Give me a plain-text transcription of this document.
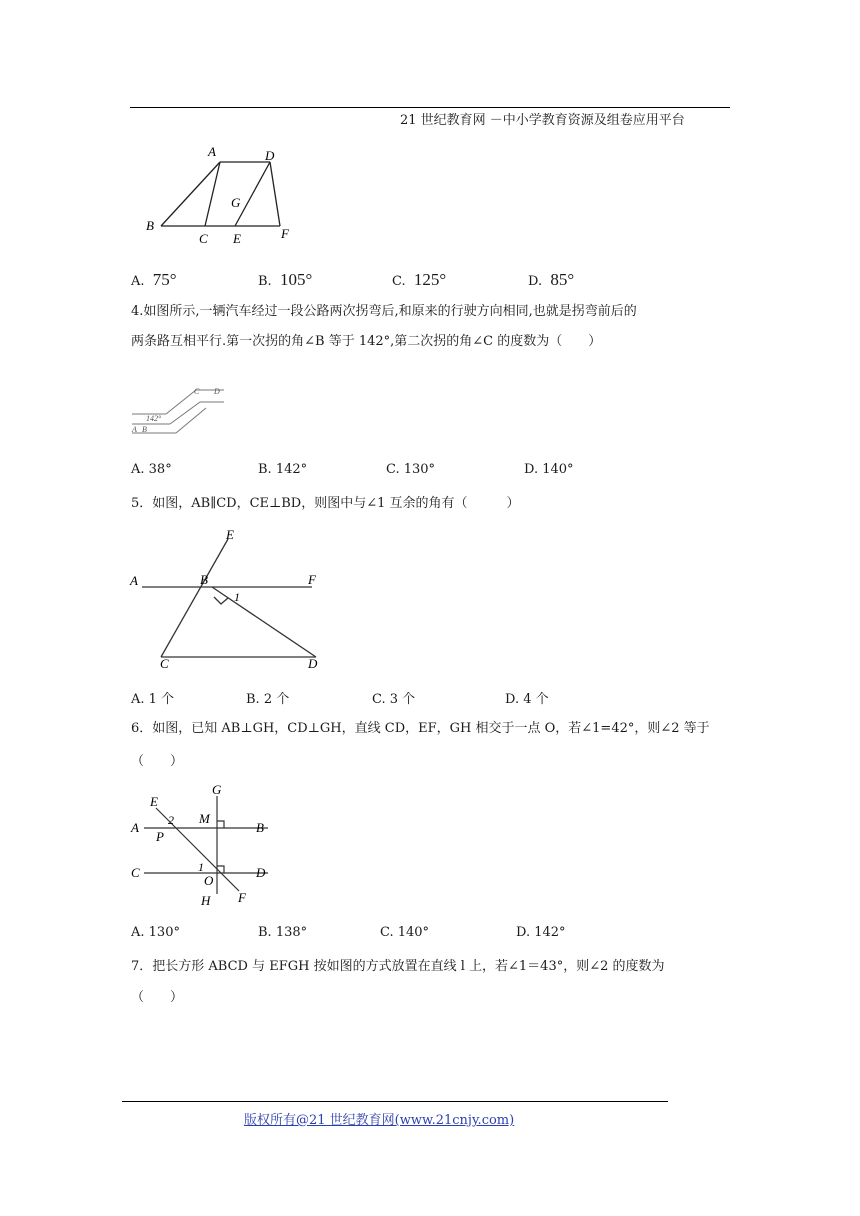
21 世纪教育网 －中小学教育资源及组卷应用平台
A	D
G
B
C E	F
A. 75°	B. 105°	C. 125°	D. 85°
4.如图所示,一辆汽车经过一段公路两次拐弯后,和原来的行驶方向相同,也就是拐弯前后的
两条路互相平行.第一次拐的角∠B 等于 142°,第二次拐的角∠C 的度数为（　　）
C D
142°
A B
A. 38°	B. 142°	C. 130°	D. 140°
5．如图，AB∥CD，CE⊥BD，则图中与∠1 互余的角有（　　　）
E
A	B	F
1
C	D
A. 1 个	B. 2 个	C. 3 个	D. 4 个
6．如图，已知 AB⊥GH，CD⊥GH，直线 CD，EF，GH 相交于一点 O，若∠1=42°，则∠2 等于
（　　）
G
E
2 M
A	B
P
C	1	D
O
H F
A. 130°	B. 138°	C. 140°	D. 142°
7．把长方形 ABCD 与 EFGH 按如图的方式放置在直线 l 上，若∠1＝43°，则∠2 的度数为
（　　）
版权所有@21 世纪教育网(www.21cnjy.com)
